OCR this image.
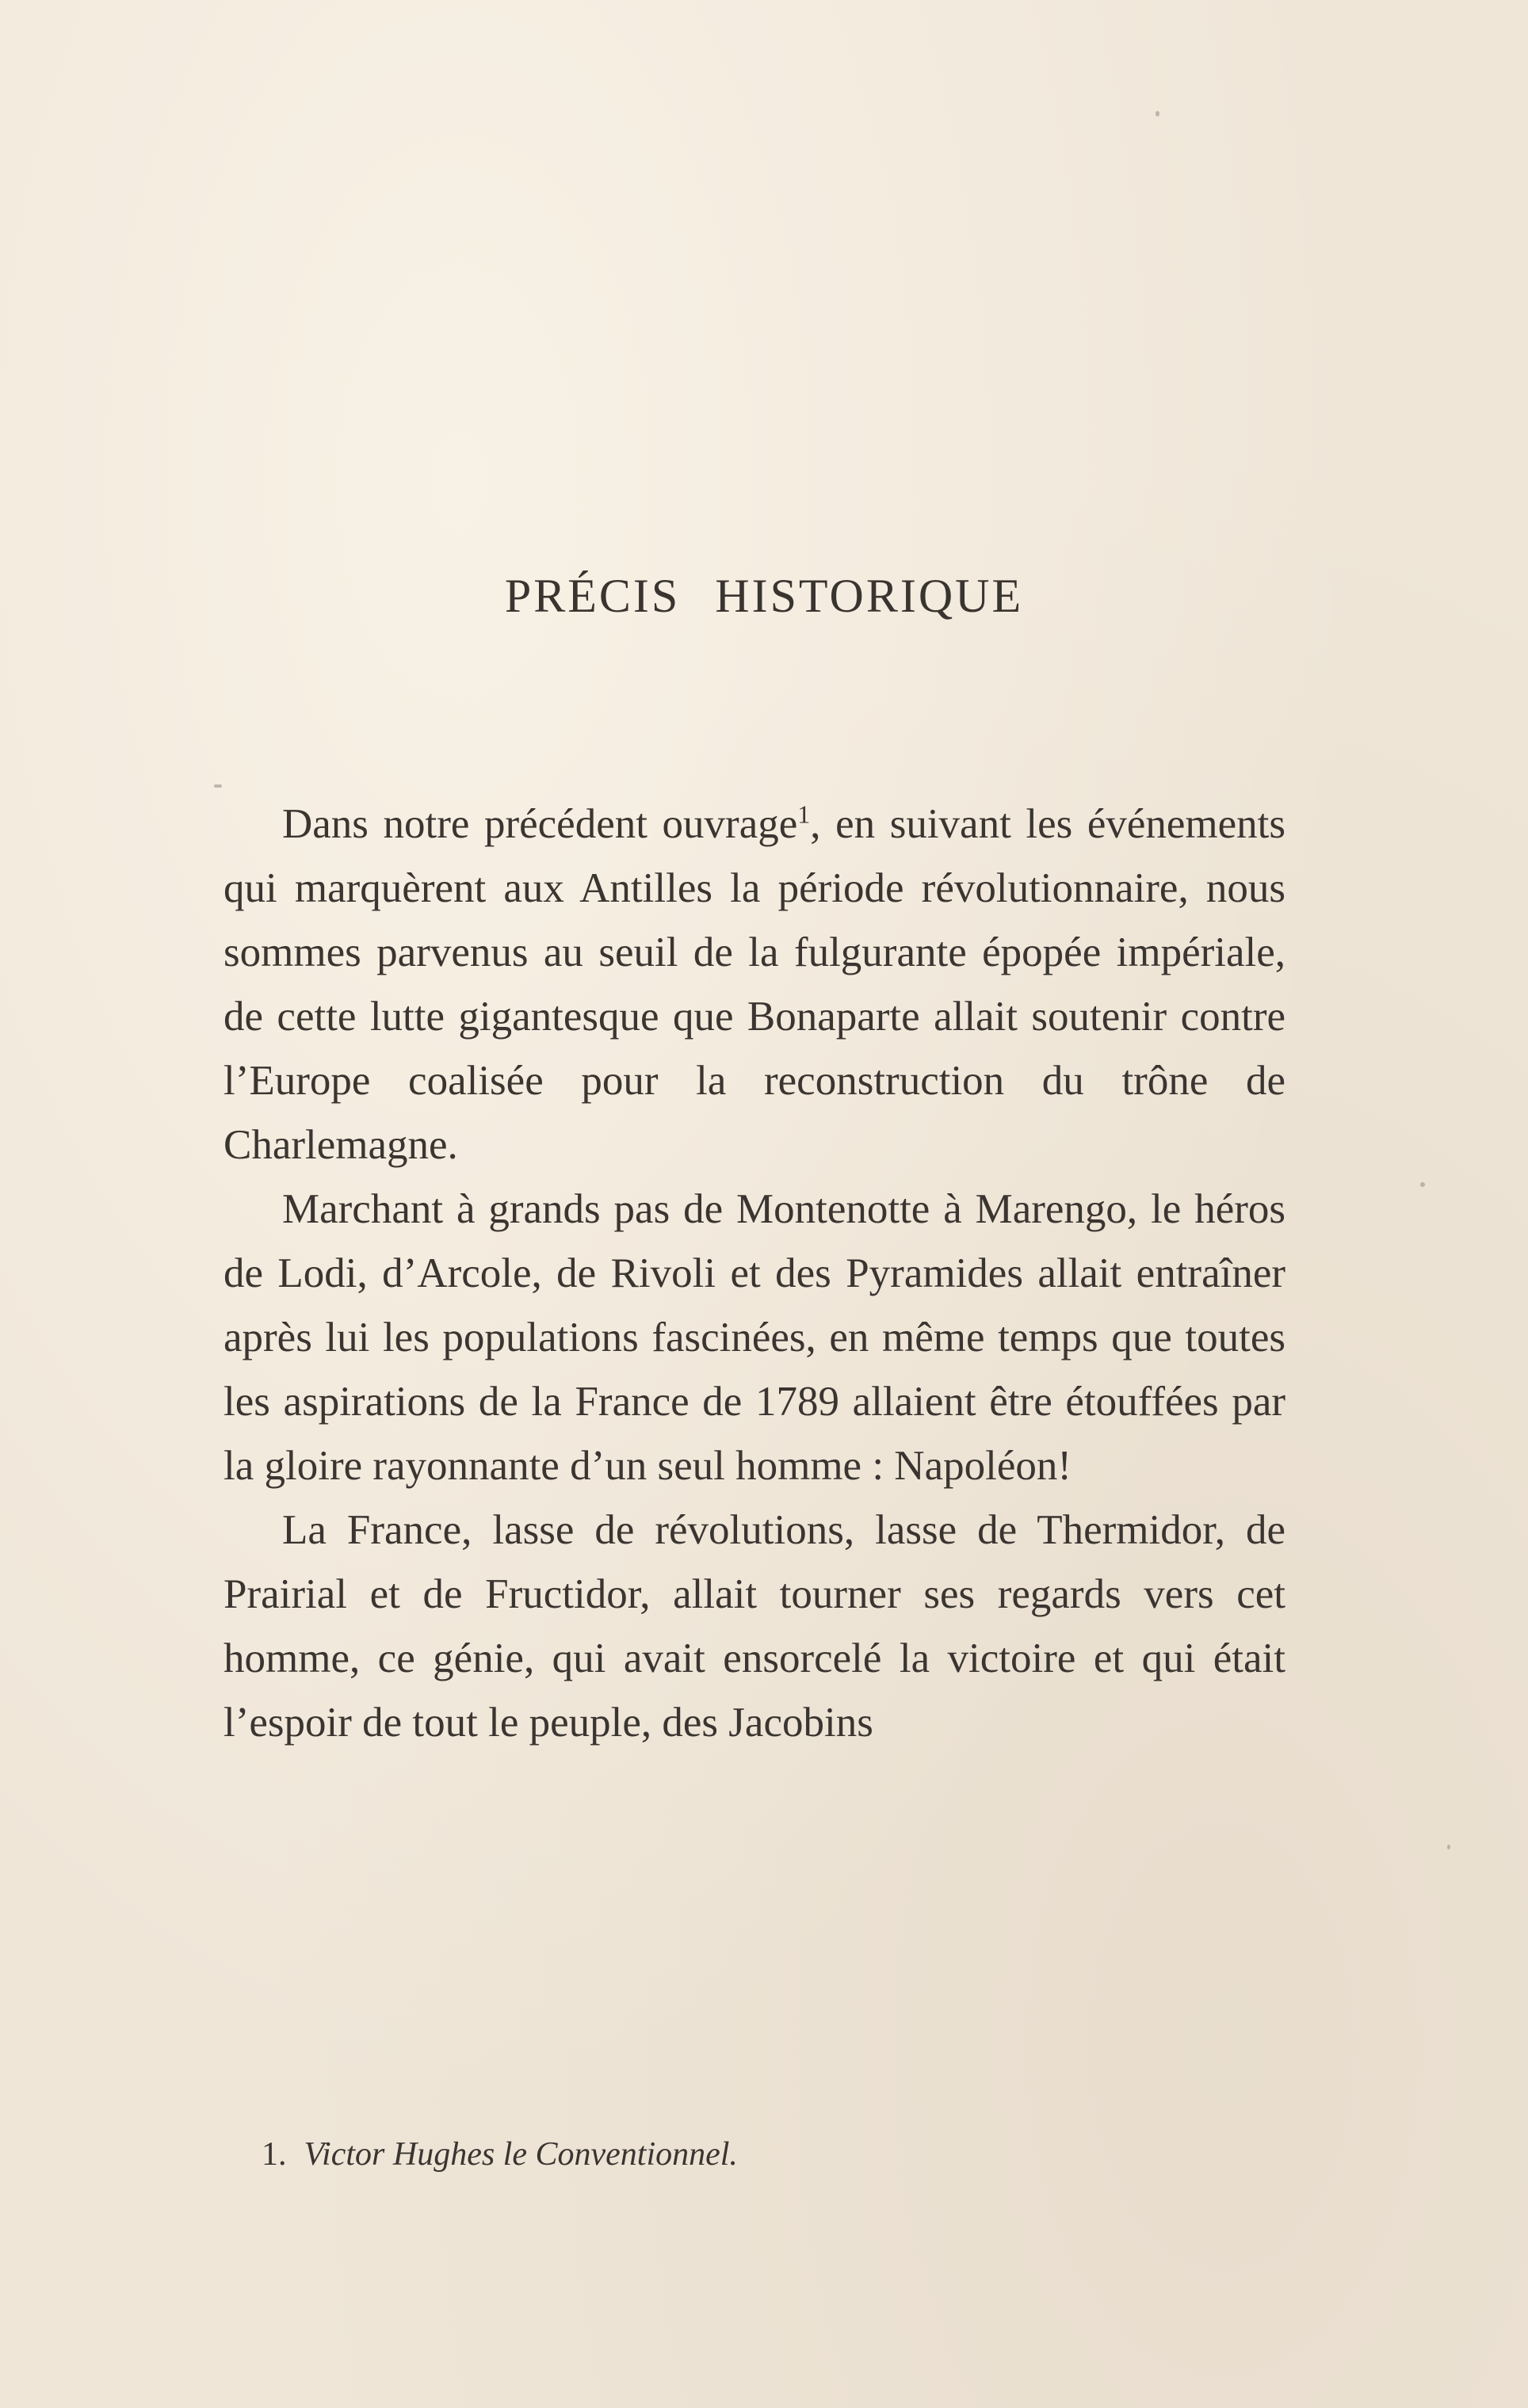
PRÉCIS HISTORIQUE

Dans notre précédent ouvrage$^1$, en suivant les événements qui marquèrent aux Antilles la période révolutionnaire, nous sommes parvenus au seuil de la fulgurante épopée impériale, de cette lutte gigantesque que Bonaparte allait soutenir contre l’Europe coalisée pour la reconstruction du trône de Charlemagne.

Marchant à grands pas de Montenotte à Marengo, le héros de Lodi, d’Arcole, de Rivoli et des Pyramides allait entraîner après lui les populations fascinées, en même temps que toutes les aspirations de la France de 1789 allaient être étouffées par la gloire rayonnante d’un seul homme : Napoléon!

La France, lasse de révolutions, lasse de Thermidor, de Prairial et de Fructidor, allait tourner ses regards vers cet homme, ce génie, qui avait ensorcelé la victoire et qui était l’espoir de tout le peuple, des Jacobins

1. Victor Hughes le Conventionnel.
